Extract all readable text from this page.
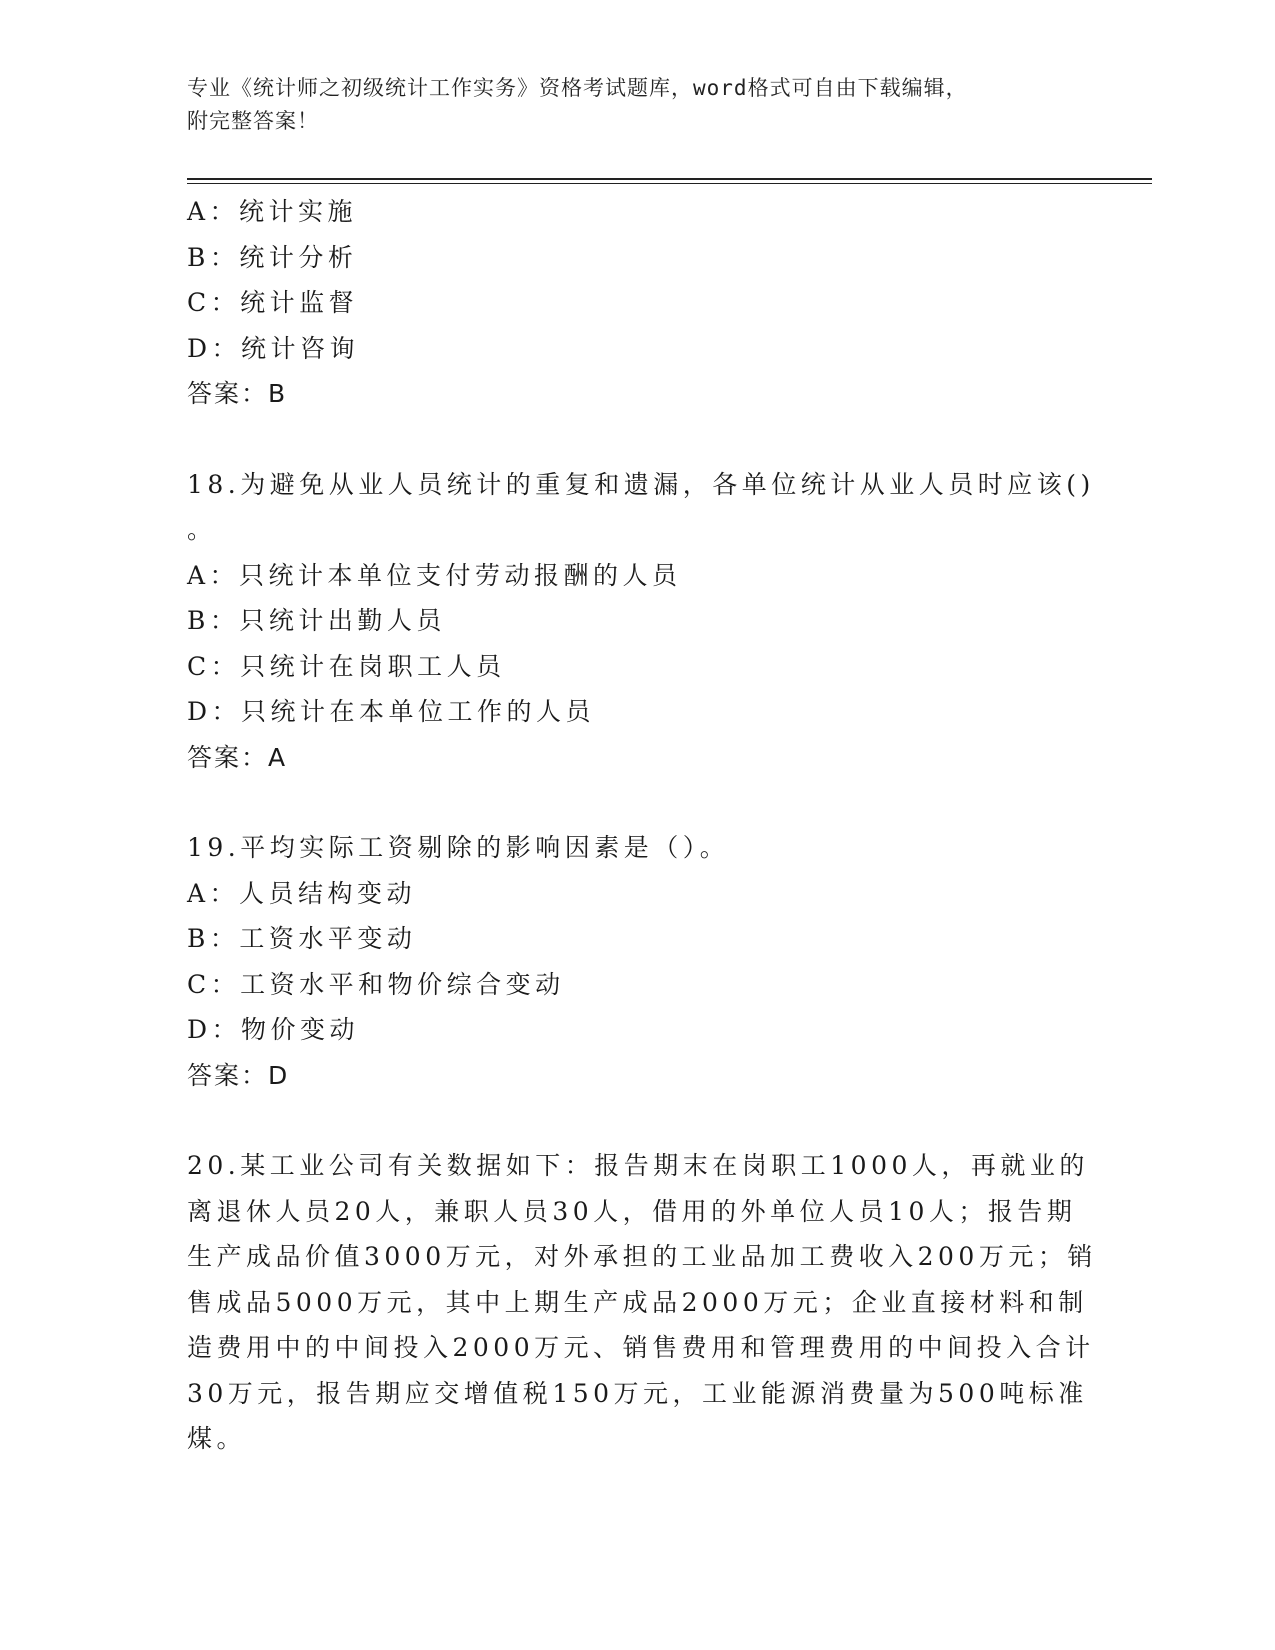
专业《统计师之初级统计工作实务》资格考试题库，word格式可自由下载编辑，
附完整答案！

A：统计实施

B：统计分析

C：统计监督

D：统计咨询

答案：B

18.为避免从业人员统计的重复和遗漏，各单位统计从业人员时应该()

。

A：只统计本单位支付劳动报酬的人员

B：只统计出勤人员

C：只统计在岗职工人员

D：只统计在本单位工作的人员

答案：A

19.平均实际工资剔除的影响因素是（）。

A：人员结构变动

B：工资水平变动

C：工资水平和物价综合变动

D：物价变动

答案：D

20.某工业公司有关数据如下：报告期末在岗职工1000人，再就业的

离退休人员20人，兼职人员30人，借用的外单位人员10人；报告期

生产成品价值3000万元，对外承担的工业品加工费收入200万元；销

售成品5000万元，其中上期生产成品2000万元；企业直接材料和制

造费用中的中间投入2000万元、销售费用和管理费用的中间投入合计

30万元，报告期应交增值税150万元，工业能源消费量为500吨标准

煤。
